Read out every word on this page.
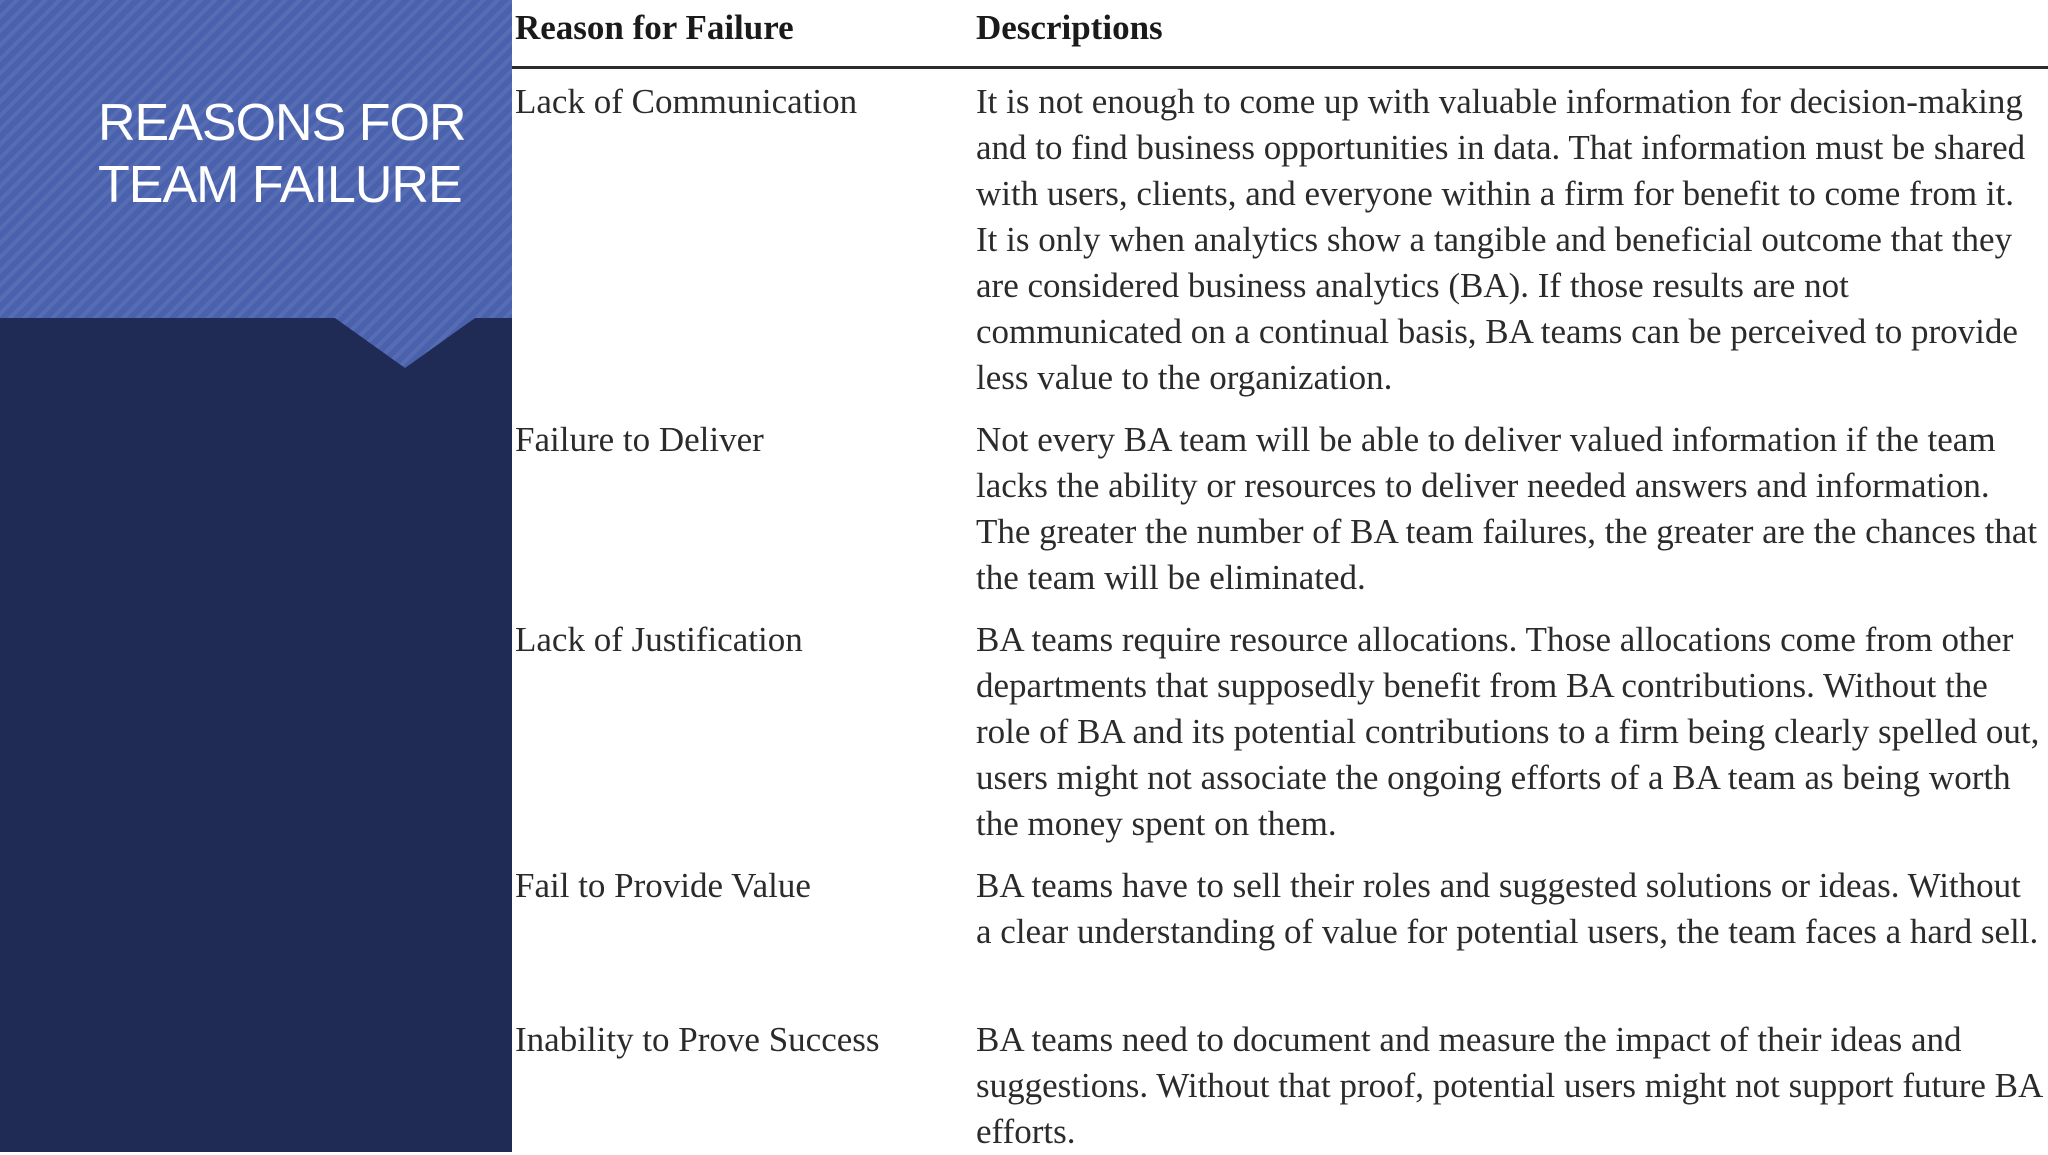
REASONS FOR
TEAM FAILURE
Reason for Failure	Descriptions
Lack of Communication	It is not enough to come up with valuable information for decision-making and to find business opportunities in data. That information must be shared with users, clients, and everyone within a firm for benefit to come from it. It is only when analytics show a tangible and beneficial outcome that they are considered business analytics (BA). If those results are not communicated on a continual basis, BA teams can be perceived to provide less value to the organization.
Failure to Deliver	Not every BA team will be able to deliver valued information if the team lacks the ability or resources to deliver needed answers and information. The greater the number of BA team failures, the greater are the chances that the team will be eliminated.
Lack of Justification	BA teams require resource allocations. Those allocations come from other departments that supposedly benefit from BA contributions. Without the role of BA and its potential contributions to a firm being clearly spelled out, users might not associate the ongoing efforts of a BA team as being worth the money spent on them.
Fail to Provide Value	BA teams have to sell their roles and suggested solutions or ideas. Without a clear understanding of value for potential users, the team faces a hard sell.
Inability to Prove Success	BA teams need to document and measure the impact of their ideas and suggestions. Without that proof, potential users might not support future BA efforts.
